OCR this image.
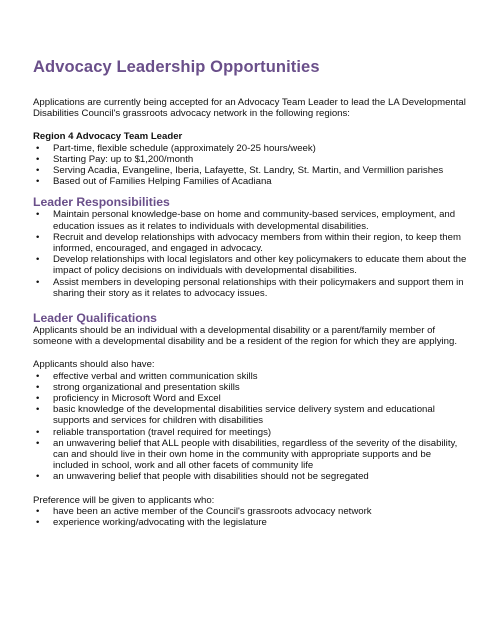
Advocacy Leadership Opportunities

Applications are currently being accepted for an Advocacy Team Leader to lead the LA Developmental Disabilities Council's grassroots advocacy network in the following regions:

Region 4 Advocacy Team Leader
• Part-time, flexible schedule (approximately 20-25 hours/week)
• Starting Pay: up to $1,200/month
• Serving Acadia, Evangeline, Iberia, Lafayette, St. Landry, St. Martin, and Vermillion parishes
• Based out of Families Helping Families of Acadiana
Leader Responsibilities
• Maintain personal knowledge-base on home and community-based services, employment, and education issues as it relates to individuals with developmental disabilities.
• Recruit and develop relationships with advocacy members from within their region, to keep them informed, encouraged, and engaged in advocacy.
• Develop relationships with local legislators and other key policymakers to educate them about the impact of policy decisions on individuals with developmental disabilities.
• Assist members in developing personal relationships with their policymakers and support them in sharing their story as it relates to advocacy issues.
Leader Qualifications

Applicants should be an individual with a developmental disability or a parent/family member of someone with a developmental disability and be a resident of the region for which they are applying.

Applicants should also have:

• effective verbal and written communication skills
• strong organizational and presentation skills
• proficiency in Microsoft Word and Excel
• basic knowledge of the developmental disabilities service delivery system and educational supports and services for children with disabilities
• reliable transportation (travel required for meetings)
• an unwavering belief that ALL people with disabilities, regardless of the severity of the disability, can and should live in their own home in the community with appropriate supports and be included in school, work and all other facets of community life
• an unwavering belief that people with disabilities should not be segregated

Preference will be given to applicants who:

• have been an active member of the Council's grassroots advocacy network
• experience working/advocating with the legislature
